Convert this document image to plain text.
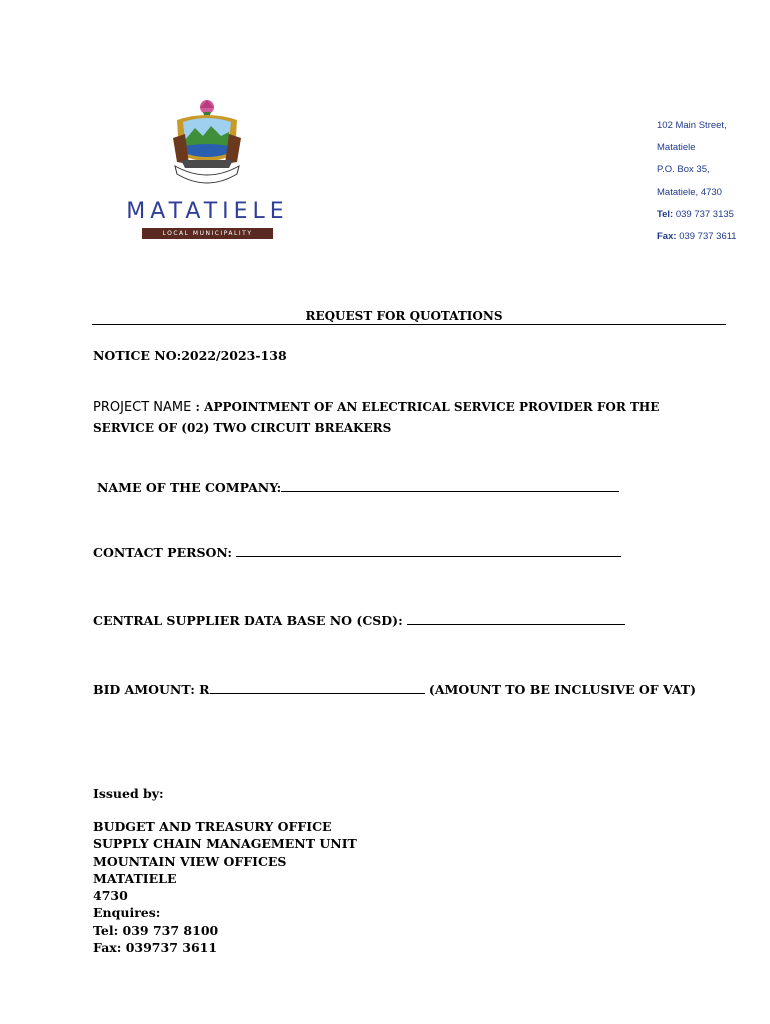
MATATIELE
LOCAL MUNICIPALITY
102 Main Street,
Matatiele
P.O. Box 35,
Matatiele, 4730
Tel: 039 737 3135
Fax: 039 737 3611
REQUEST FOR QUOTATIONS
NOTICE NO:2022/2023-138
PROJECT NAME : APPOINTMENT OF AN ELECTRICAL SERVICE PROVIDER FOR THE SERVICE OF (02) TWO CIRCUIT BREAKERS
NAME OF THE COMPANY:
CONTACT PERSON:
CENTRAL SUPPLIER DATA BASE NO (CSD):
BID AMOUNT: R	(AMOUNT TO BE INCLUSIVE OF VAT)
Issued by:
BUDGET AND TREASURY OFFICE
SUPPLY CHAIN MANAGEMENT UNIT
MOUNTAIN VIEW OFFICES
MATATIELE
4730
Enquires:
Tel: 039 737 8100
Fax: 039737 3611
